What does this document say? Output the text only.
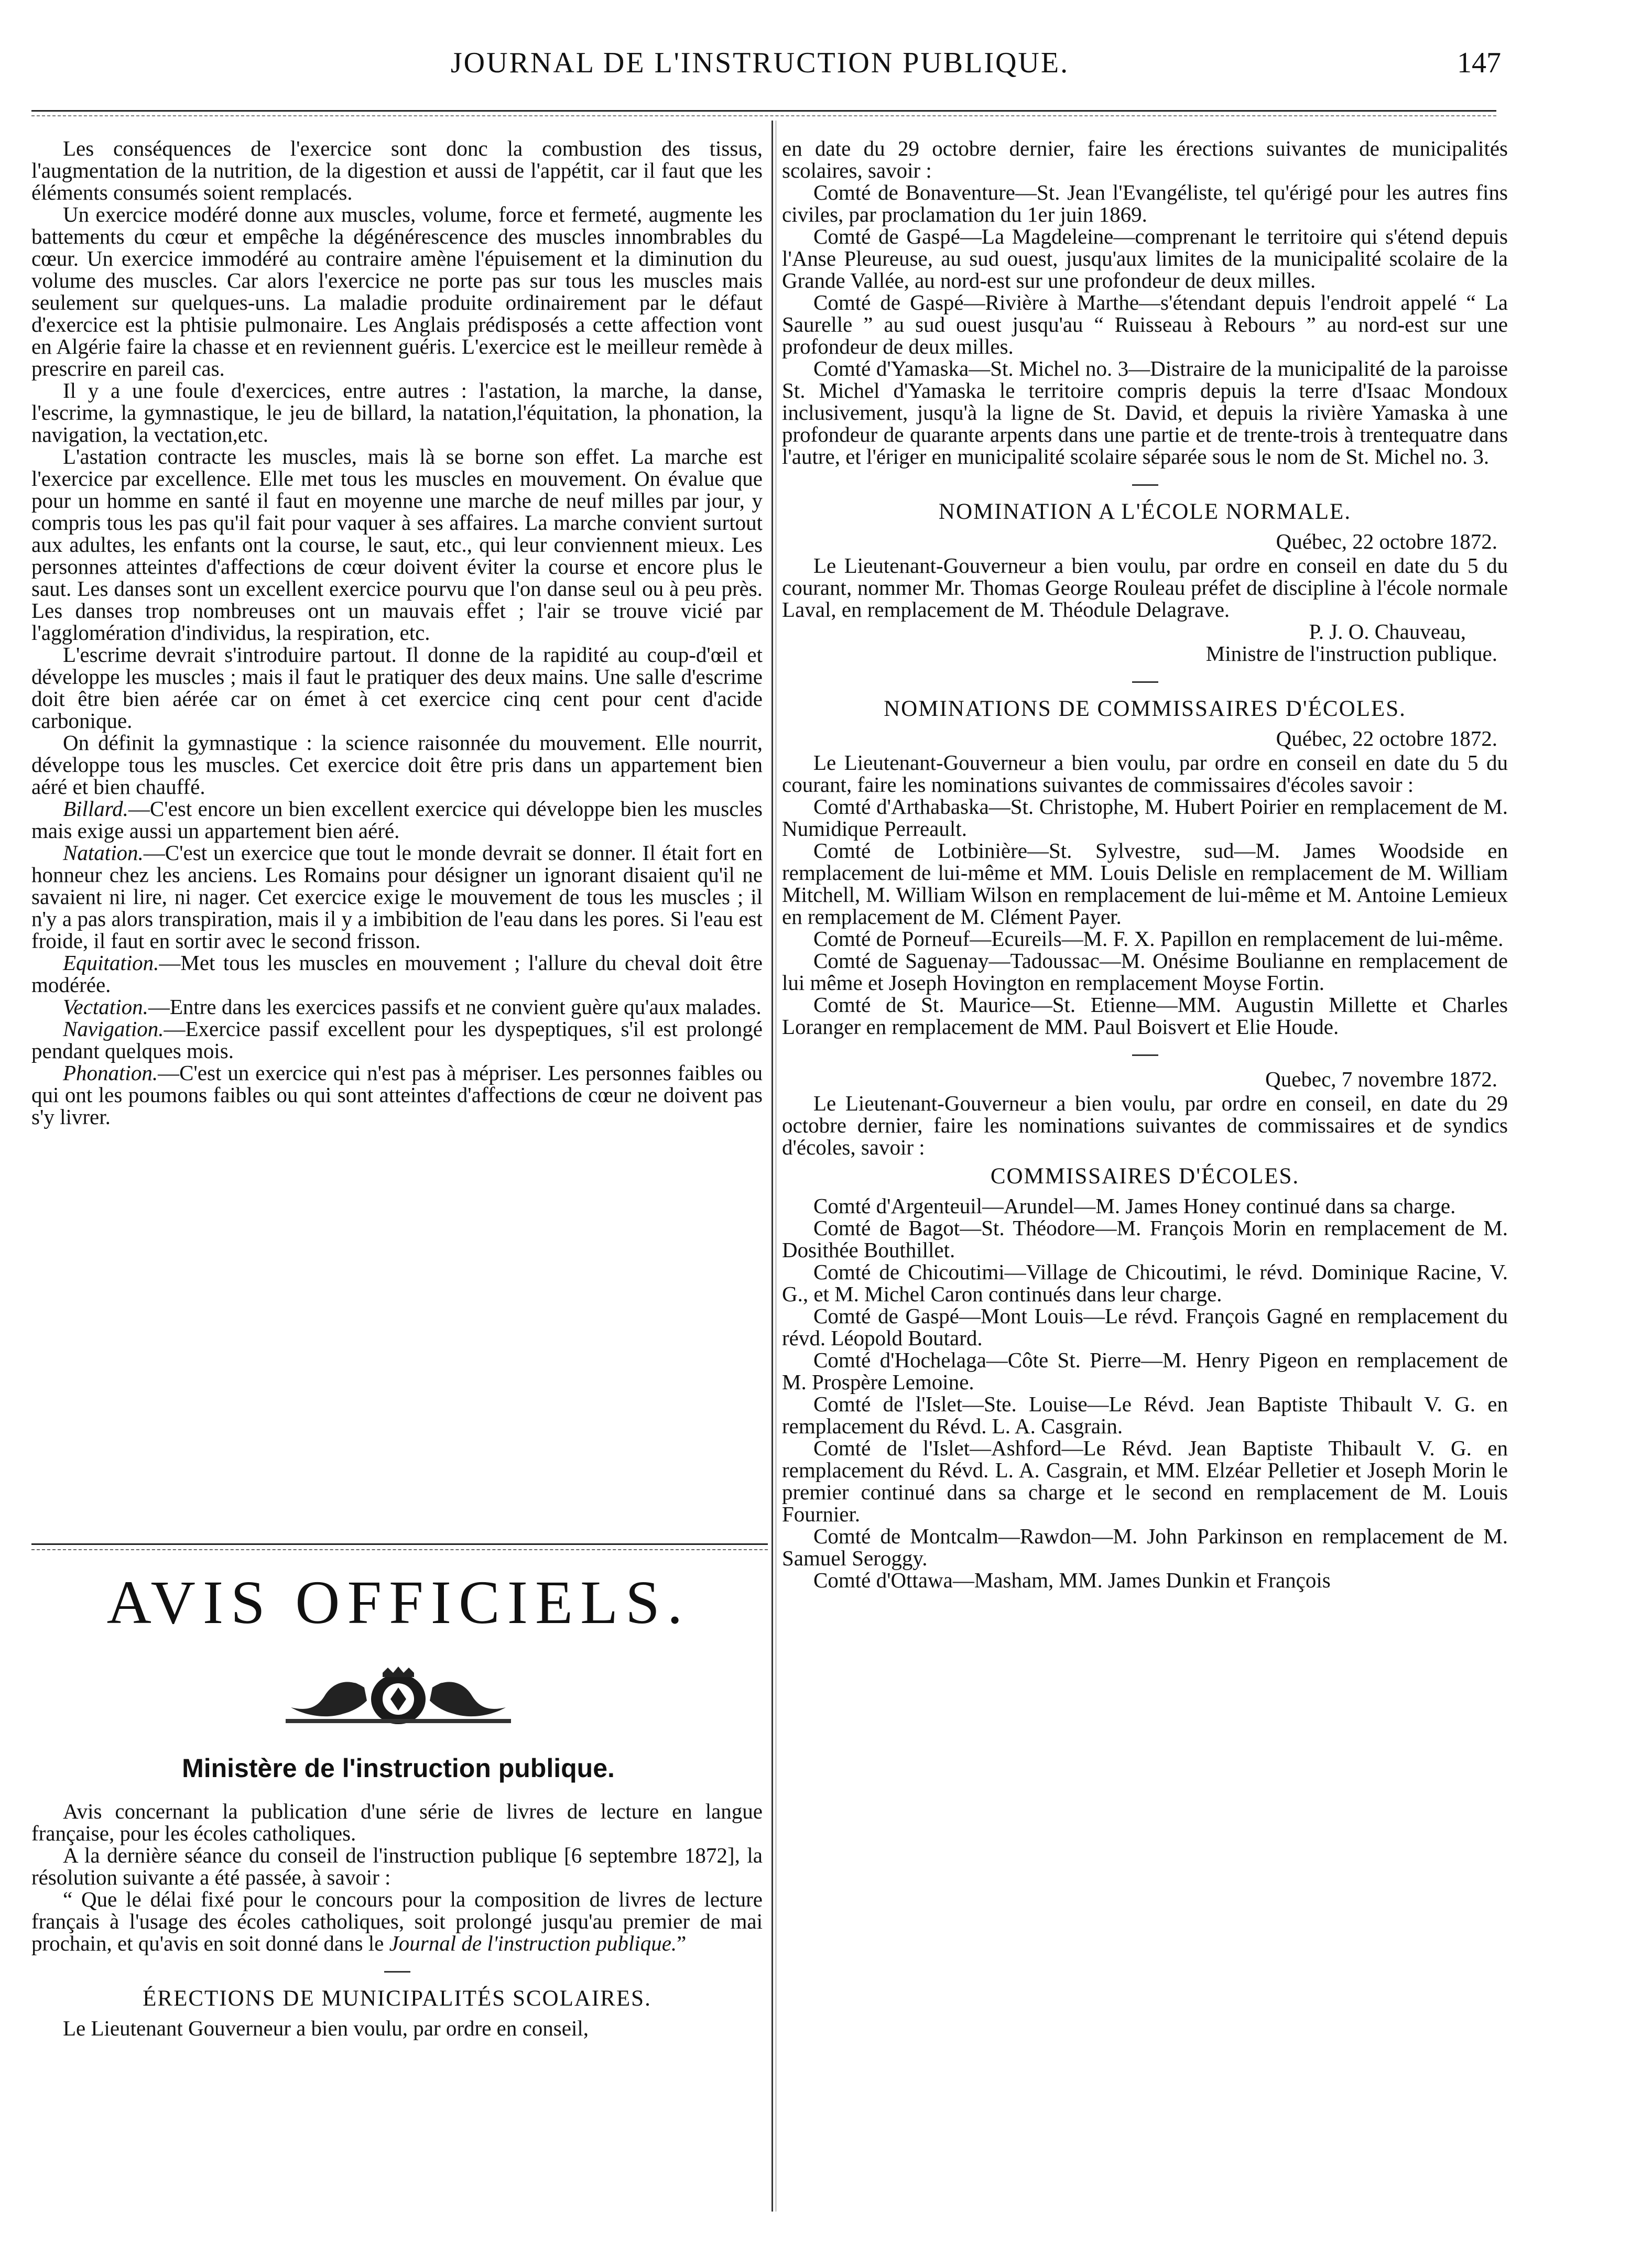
JOURNAL DE L'INSTRUCTION PUBLIQUE.	147

Les conséquences de l'exercice sont donc la combustion des tissus, l'augmentation de la nutrition, de la digestion et aussi de l'appétit, car il faut que les éléments consumés soient remplacés.

Un exercice modéré donne aux muscles, volume, force et fermeté, augmente les battements du cœur et empêche la dégénérescence des muscles innombrables du cœur. Un exercice immodéré au contraire amène l'épuisement et la diminution du volume des muscles. Car alors l'exercice ne porte pas sur tous les muscles mais seulement sur quelques-uns. La maladie produite ordinairement par le défaut d'exercice est la phtisie pulmonaire. Les Anglais prédisposés a cette affection vont en Algérie faire la chasse et en reviennent guéris. L'exercice est le meilleur remède à prescrire en pareil cas.

Il y a une foule d'exercices, entre autres : l'astation, la marche, la danse, l'escrime, la gymnastique, le jeu de billard, la natation,l'équitation, la phonation, la navigation, la vectation,etc.

L'astation contracte les muscles, mais là se borne son effet. La marche est l'exercice par excellence. Elle met tous les muscles en mouvement. On évalue que pour un homme en santé il faut en moyenne une marche de neuf milles par jour, y compris tous les pas qu'il fait pour vaquer à ses affaires. La marche convient surtout aux adultes, les enfants ont la course, le saut, etc., qui leur conviennent mieux. Les personnes atteintes d'affections de cœur doivent éviter la course et encore plus le saut. Les danses sont un excellent exercice pourvu que l'on danse seul ou à peu près. Les danses trop nombreuses ont un mauvais effet ; l'air se trouve vicié par l'agglomération d'individus, la respiration, etc.

L'escrime devrait s'introduire partout. Il donne de la rapidité au coup-d'œil et développe les muscles ; mais il faut le pratiquer des deux mains. Une salle d'escrime doit être bien aérée car on émet à cet exercice cinq cent pour cent d'acide carbonique.

On définit la gymnastique : la science raisonnée du mouvement. Elle nourrit, développe tous les muscles. Cet exercice doit être pris dans un appartement bien aéré et bien chauffé.

Billard.—C'est encore un bien excellent exercice qui développe bien les muscles mais exige aussi un appartement bien aéré.

Natation.—C'est un exercice que tout le monde devrait se donner. Il était fort en honneur chez les anciens. Les Romains pour désigner un ignorant disaient qu'il ne savaient ni lire, ni nager. Cet exercice exige le mouvement de tous les muscles ; il n'y a pas alors transpiration, mais il y a imbibition de l'eau dans les pores. Si l'eau est froide, il faut en sortir avec le second frisson.

Equitation.—Met tous les muscles en mouvement ; l'allure du cheval doit être modérée.

Vectation.—Entre dans les exercices passifs et ne convient guère qu'aux malades.

Navigation.—Exercice passif excellent pour les dyspeptiques, s'il est prolongé pendant quelques mois.

Phonation.—C'est un exercice qui n'est pas à mépriser. Les personnes faibles ou qui ont les poumons faibles ou qui sont atteintes d'affections de cœur ne doivent pas s'y livrer.

AVIS OFFICIELS.
Ministère de l'instruction publique.

Avis concernant la publication d'une série de livres de lecture en langue française, pour les écoles catholiques.

A la dernière séance du conseil de l'instruction publique [6 septembre 1872], la résolution suivante a été passée, à savoir :

“ Que le délai fixé pour le concours pour la composition de livres de lecture français à l'usage des écoles catholiques, soit prolongé jusqu'au premier de mai prochain, et qu'avis en soit donné dans le Journal de l'instruction publique.”

ÉRECTIONS DE MUNICIPALITÉS SCOLAIRES.

Le Lieutenant Gouverneur a bien voulu, par ordre en conseil,

en date du 29 octobre dernier, faire les érections suivantes de municipalités scolaires, savoir :

Comté de Bonaventure—St. Jean l'Evangéliste, tel qu'érigé pour les autres fins civiles, par proclamation du 1er juin 1869.

Comté de Gaspé—La Magdeleine—comprenant le territoire qui s'étend depuis l'Anse Pleureuse, au sud ouest, jusqu'aux limites de la municipalité scolaire de la Grande Vallée, au nord-est sur une profondeur de deux milles.

Comté de Gaspé—Rivière à Marthe—s'étendant depuis l'endroit appelé “ La Saurelle ” au sud ouest jusqu'au “ Ruisseau à Rebours ” au nord-est sur une profondeur de deux milles.

Comté d'Yamaska—St. Michel no. 3—Distraire de la municipalité de la paroisse St. Michel d'Yamaska le territoire compris depuis la terre d'Isaac Mondoux inclusivement, jusqu'à la ligne de St. David, et depuis la rivière Yamaska à une profondeur de quarante arpents dans une partie et de trente-trois à trentequatre dans l'autre, et l'ériger en municipalité scolaire séparée sous le nom de St. Michel no. 3.

NOMINATION A L'ÉCOLE NORMALE.

Québec, 22 octobre 1872.

Le Lieutenant-Gouverneur a bien voulu, par ordre en conseil en date du 5 du courant, nommer Mr. Thomas George Rouleau préfet de discipline à l'école normale Laval, en remplacement de M. Théodule Delagrave.

P. J. O. Chauveau,

Ministre de l'instruction publique.

NOMINATIONS DE COMMISSAIRES D'ÉCOLES.

Québec, 22 octobre 1872.

Le Lieutenant-Gouverneur a bien voulu, par ordre en conseil en date du 5 du courant, faire les nominations suivantes de commissaires d'écoles savoir :

Comté d'Arthabaska—St. Christophe, M. Hubert Poirier en remplacement de M. Numidique Perreault.

Comté de Lotbinière—St. Sylvestre, sud—M. James Woodside en remplacement de lui-même et MM. Louis Delisle en remplacement de M. William Mitchell, M. William Wilson en remplacement de lui-même et M. Antoine Lemieux en remplacement de M. Clément Payer.

Comté de Porneuf—Ecureils—M. F. X. Papillon en remplacement de lui-même.

Comté de Saguenay—Tadoussac—M. Onésime Boulianne en remplacement de lui même et Joseph Hovington en remplacement Moyse Fortin.

Comté de St. Maurice—St. Etienne—MM. Augustin Millette et Charles Loranger en remplacement de MM. Paul Boisvert et Elie Houde.

Quebec, 7 novembre 1872.

Le Lieutenant-Gouverneur a bien voulu, par ordre en conseil, en date du 29 octobre dernier, faire les nominations suivantes de commissaires et de syndics d'écoles, savoir :

COMMISSAIRES D'ÉCOLES.

Comté d'Argenteuil—Arundel—M. James Honey continué dans sa charge.

Comté de Bagot—St. Théodore—M. François Morin en remplacement de M. Dosithée Bouthillet.

Comté de Chicoutimi—Village de Chicoutimi, le révd. Dominique Racine, V. G., et M. Michel Caron continués dans leur charge.

Comté de Gaspé—Mont Louis—Le révd. François Gagné en remplacement du révd. Léopold Boutard.

Comté d'Hochelaga—Côte St. Pierre—M. Henry Pigeon en remplacement de M. Prospère Lemoine.

Comté de l'Islet—Ste. Louise—Le Révd. Jean Baptiste Thibault V. G. en remplacement du Révd. L. A. Casgrain.

Comté de l'Islet—Ashford—Le Révd. Jean Baptiste Thibault V. G. en remplacement du Révd. L. A. Casgrain, et MM. Elzéar Pelletier et Joseph Morin le premier continué dans sa charge et le second en remplacement de M. Louis Fournier.

Comté de Montcalm—Rawdon—M. John Parkinson en remplacement de M. Samuel Seroggy.

Comté d'Ottawa—Masham, MM. James Dunkin et François
